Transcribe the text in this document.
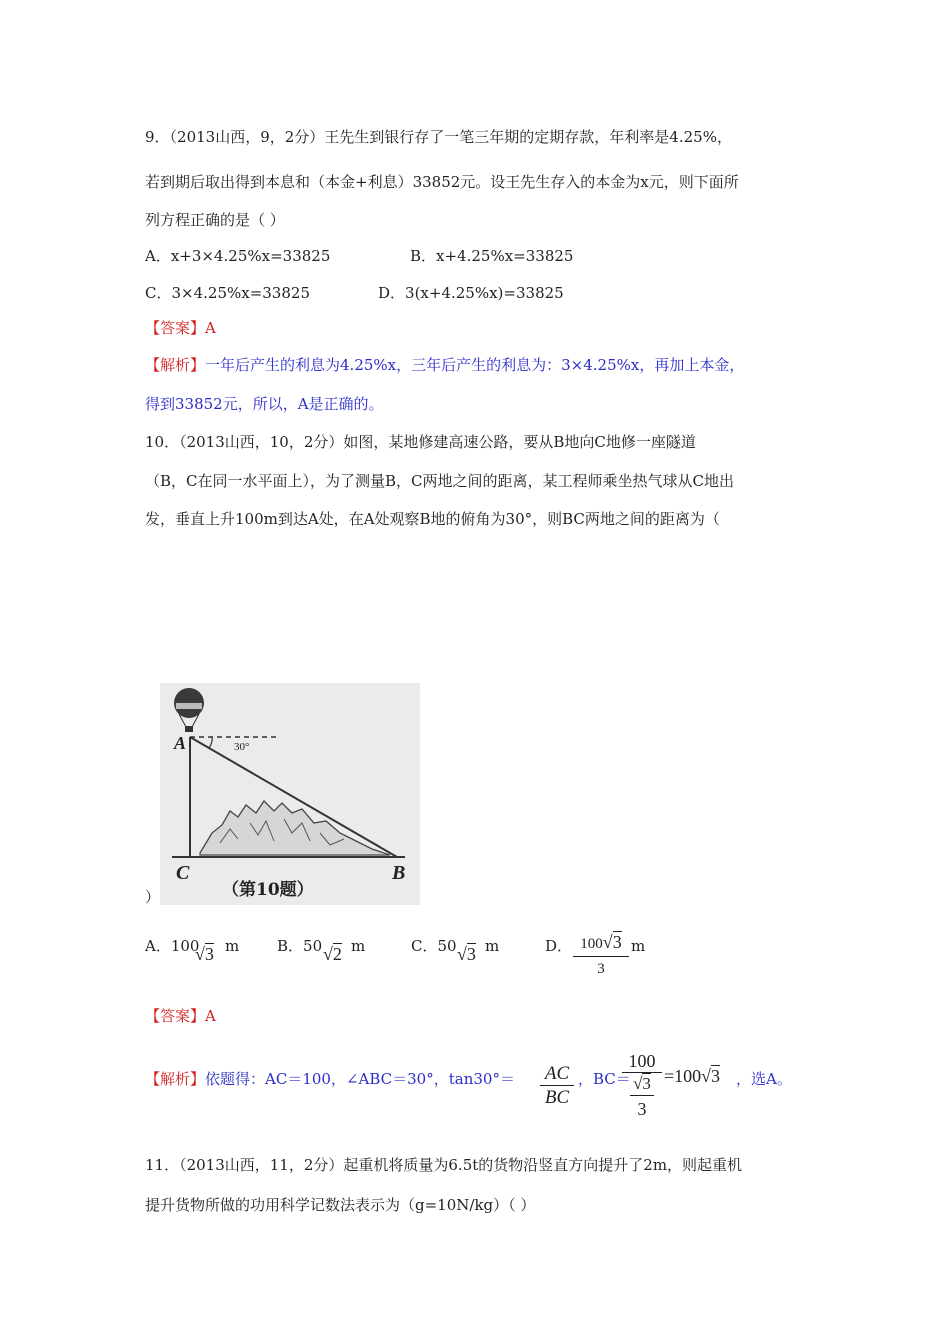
9．（2013山西，9，2分）王先生到银行存了一笔三年期的定期存款，年利率是4.25%，
若到期后取出得到本息和（本金+利息）33852元。设王先生存入的本金为x元，则下面所
列方程正确的是（ ）
A．x+3×4.25%x=33825	B．x+4.25%x=33825
C．3×4.25%x=33825	D．3(x+4.25%x)=33825
【答案】A
【解析】一年后产生的利息为4.25%x，三年后产生的利息为：3×4.25%x，再加上本金，
得到33852元，所以，A是正确的。
10．（2013山西，10，2分）如图，某地修建高速公路，要从B地向C地修一座隧道
（B，C在同一水平面上），为了测量B，C两地之间的距离，某工程师乘坐热气球从C地出
发，垂直上升100m到达A处，在A处观察B地的俯角为30°，则BC两地之间的距离为（
A	30°
C	B
（第10题）
）
A．100
√3 m	B．50 √2 m	C．50 √3 m	D． 100√3
3
m
【答案】A
【解析】依题得：AC＝100，∠ABC＝30°，$\tan 30^\circ= \frac{AC}{BC}$ ，BC＝
100
√3
3
=100√3 ，选A。
11．（2013山西，11，2分）起重机将质量为6.5t的货物沿竖直方向提升了2m，则起重机
提升货物所做的功用科学记数法表示为（g=10N/kg）（ ）
